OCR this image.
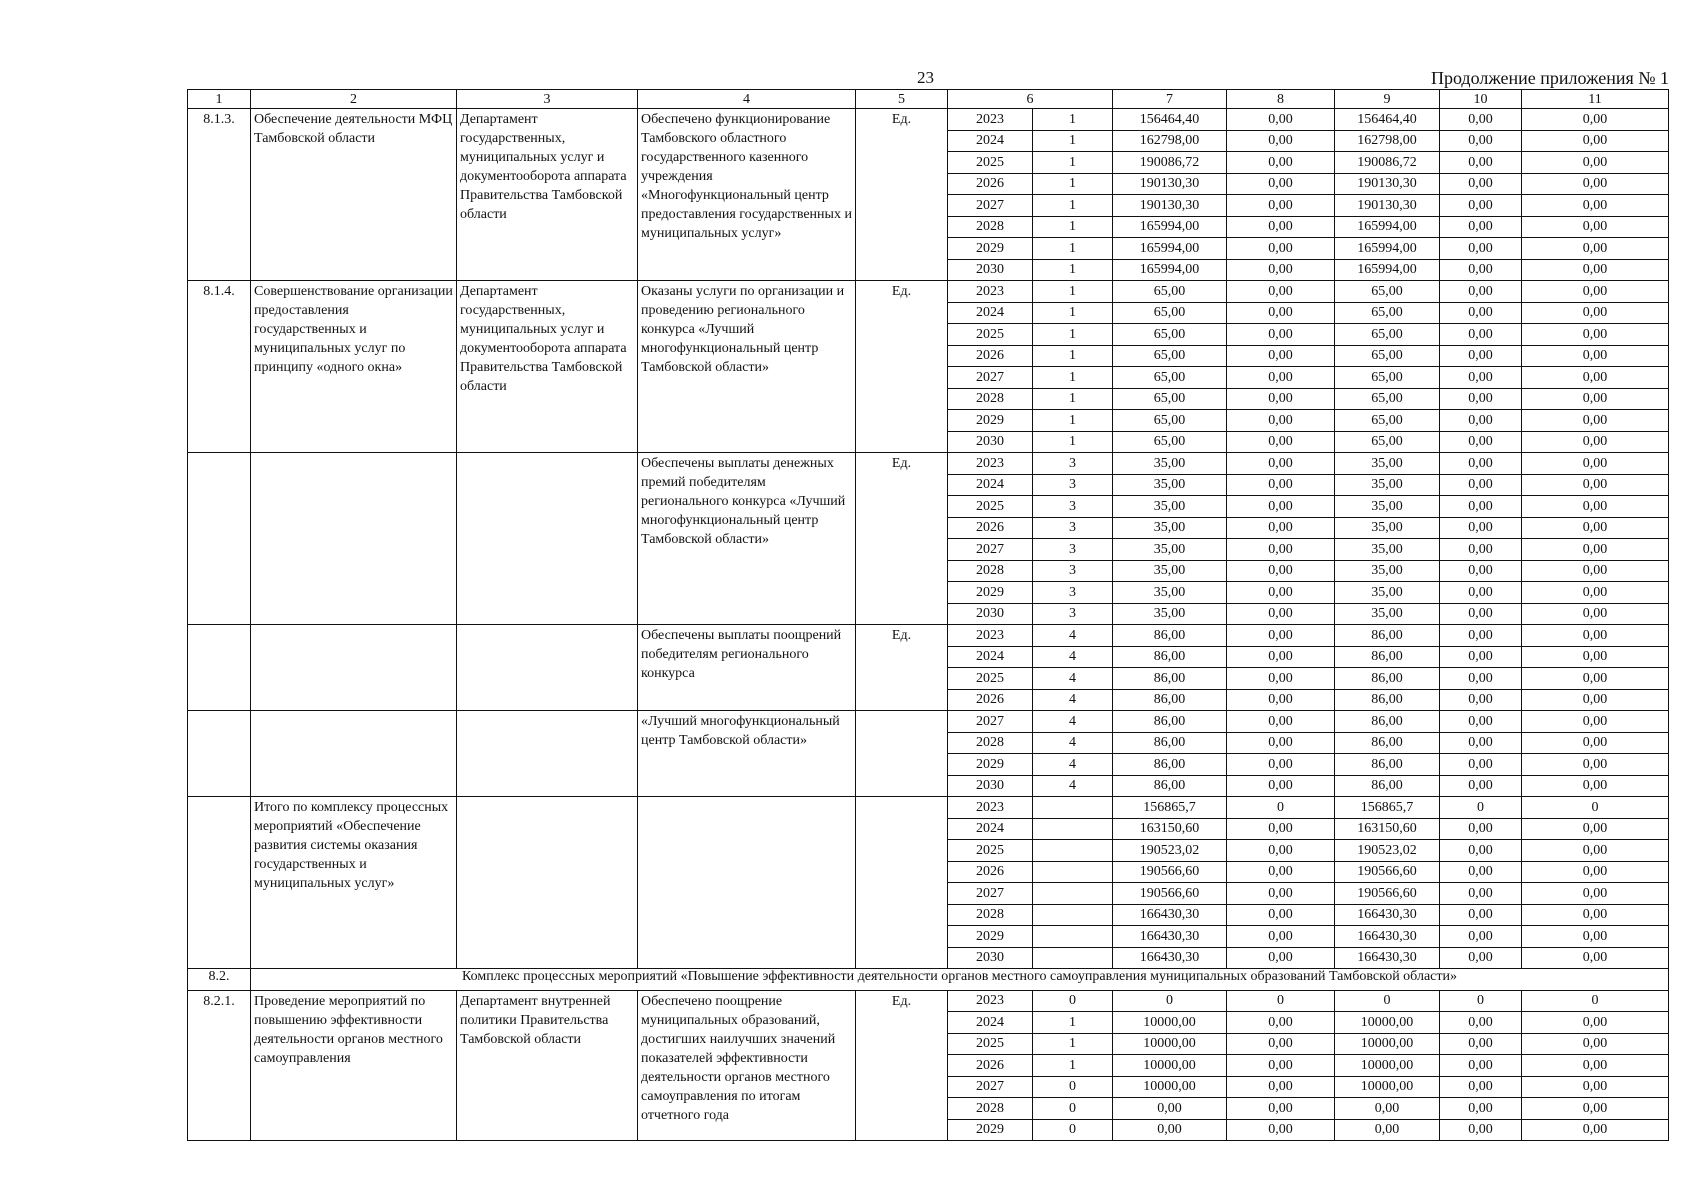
23	Продолжение приложения № 1
1	2	3	4	5	6		7	8	9	10	11
8.1.3.	Обеспечение деятельности МФЦ Тамбовской области	Департамент государственных, муниципальных услуг и документооборота аппарата Правительства Тамбовской области	Обеспечено функционирование Тамбовского областного государственного казенного учреждения «Многофункциональный центр предоставления государственных и муниципальных услуг»	Ед.	2023	1	156464,40	0,00	156464,40	0,00	0,00
					2024	1	162798,00	0,00	162798,00	0,00	0,00
					2025	1	190086,72	0,00	190086,72	0,00	0,00
					2026	1	190130,30	0,00	190130,30	0,00	0,00
					2027	1	190130,30	0,00	190130,30	0,00	0,00
					2028	1	165994,00	0,00	165994,00	0,00	0,00
					2029	1	165994,00	0,00	165994,00	0,00	0,00
					2030	1	165994,00	0,00	165994,00	0,00	0,00
8.1.4.	Совершенствование организации предоставления государственных и муниципальных услуг по принципу «одного окна»	Департамент государственных, муниципальных услуг и документооборота аппарата Правительства Тамбовской области	Оказаны услуги по организации и проведению регионального конкурса «Лучший многофункциональный центр Тамбовской области»	Ед.	2023	1	65,00	0,00	65,00	0,00	0,00
					2024	1	65,00	0,00	65,00	0,00	0,00
					2025	1	65,00	0,00	65,00	0,00	0,00
					2026	1	65,00	0,00	65,00	0,00	0,00
					2027	1	65,00	0,00	65,00	0,00	0,00
					2028	1	65,00	0,00	65,00	0,00	0,00
					2029	1	65,00	0,00	65,00	0,00	0,00
					2030	1	65,00	0,00	65,00	0,00	0,00
			Обеспечены выплаты денежных премий победителям регионального конкурса «Лучший многофункциональный центр Тамбовской области»	Ед.	2023	3	35,00	0,00	35,00	0,00	0,00
					2024	3	35,00	0,00	35,00	0,00	0,00
					2025	3	35,00	0,00	35,00	0,00	0,00
					2026	3	35,00	0,00	35,00	0,00	0,00
					2027	3	35,00	0,00	35,00	0,00	0,00
					2028	3	35,00	0,00	35,00	0,00	0,00
					2029	3	35,00	0,00	35,00	0,00	0,00
					2030	3	35,00	0,00	35,00	0,00	0,00
			Обеспечены выплаты поощрений победителям регионального конкурса	Ед.	2023	4	86,00	0,00	86,00	0,00	0,00
					2024	4	86,00	0,00	86,00	0,00	0,00
					2025	4	86,00	0,00	86,00	0,00	0,00
					2026	4	86,00	0,00	86,00	0,00	0,00
			«Лучший многофункциональный центр Тамбовской области»		2027	4	86,00	0,00	86,00	0,00	0,00
					2028	4	86,00	0,00	86,00	0,00	0,00
					2029	4	86,00	0,00	86,00	0,00	0,00
					2030	4	86,00	0,00	86,00	0,00	0,00
	Итого по комплексу процессных мероприятий «Обеспечение развития системы оказания государственных и муниципальных услуг»				2023		156865,7	0	156865,7	0	0
					2024		163150,60	0,00	163150,60	0,00	0,00
					2025		190523,02	0,00	190523,02	0,00	0,00
					2026		190566,60	0,00	190566,60	0,00	0,00
					2027		190566,60	0,00	190566,60	0,00	0,00
					2028		166430,30	0,00	166430,30	0,00	0,00
					2029		166430,30	0,00	166430,30	0,00	0,00
					2030		166430,30	0,00	166430,30	0,00	0,00
8.2.	Комплекс процессных мероприятий «Повышение эффективности деятельности органов местного самоуправления муниципальных образований Тамбовской области»										
8.2.1.	Проведение мероприятий по повышению эффективности деятельности органов местного самоуправления	Департамент внутренней политики Правительства Тамбовской области	Обеспечено поощрение муниципальных образований, достигших наилучших значений показателей эффективности деятельности органов местного самоуправления по итогам отчетного года	Ед.	2023	0	0	0	0	0	0
					2024	1	10000,00	0,00	10000,00	0,00	0,00
					2025	1	10000,00	0,00	10000,00	0,00	0,00
					2026	1	10000,00	0,00	10000,00	0,00	0,00
					2027	0	10000,00	0,00	10000,00	0,00	0,00
					2028	0	0,00	0,00	0,00	0,00	0,00
					2029	0	0,00	0,00	0,00	0,00	0,00
